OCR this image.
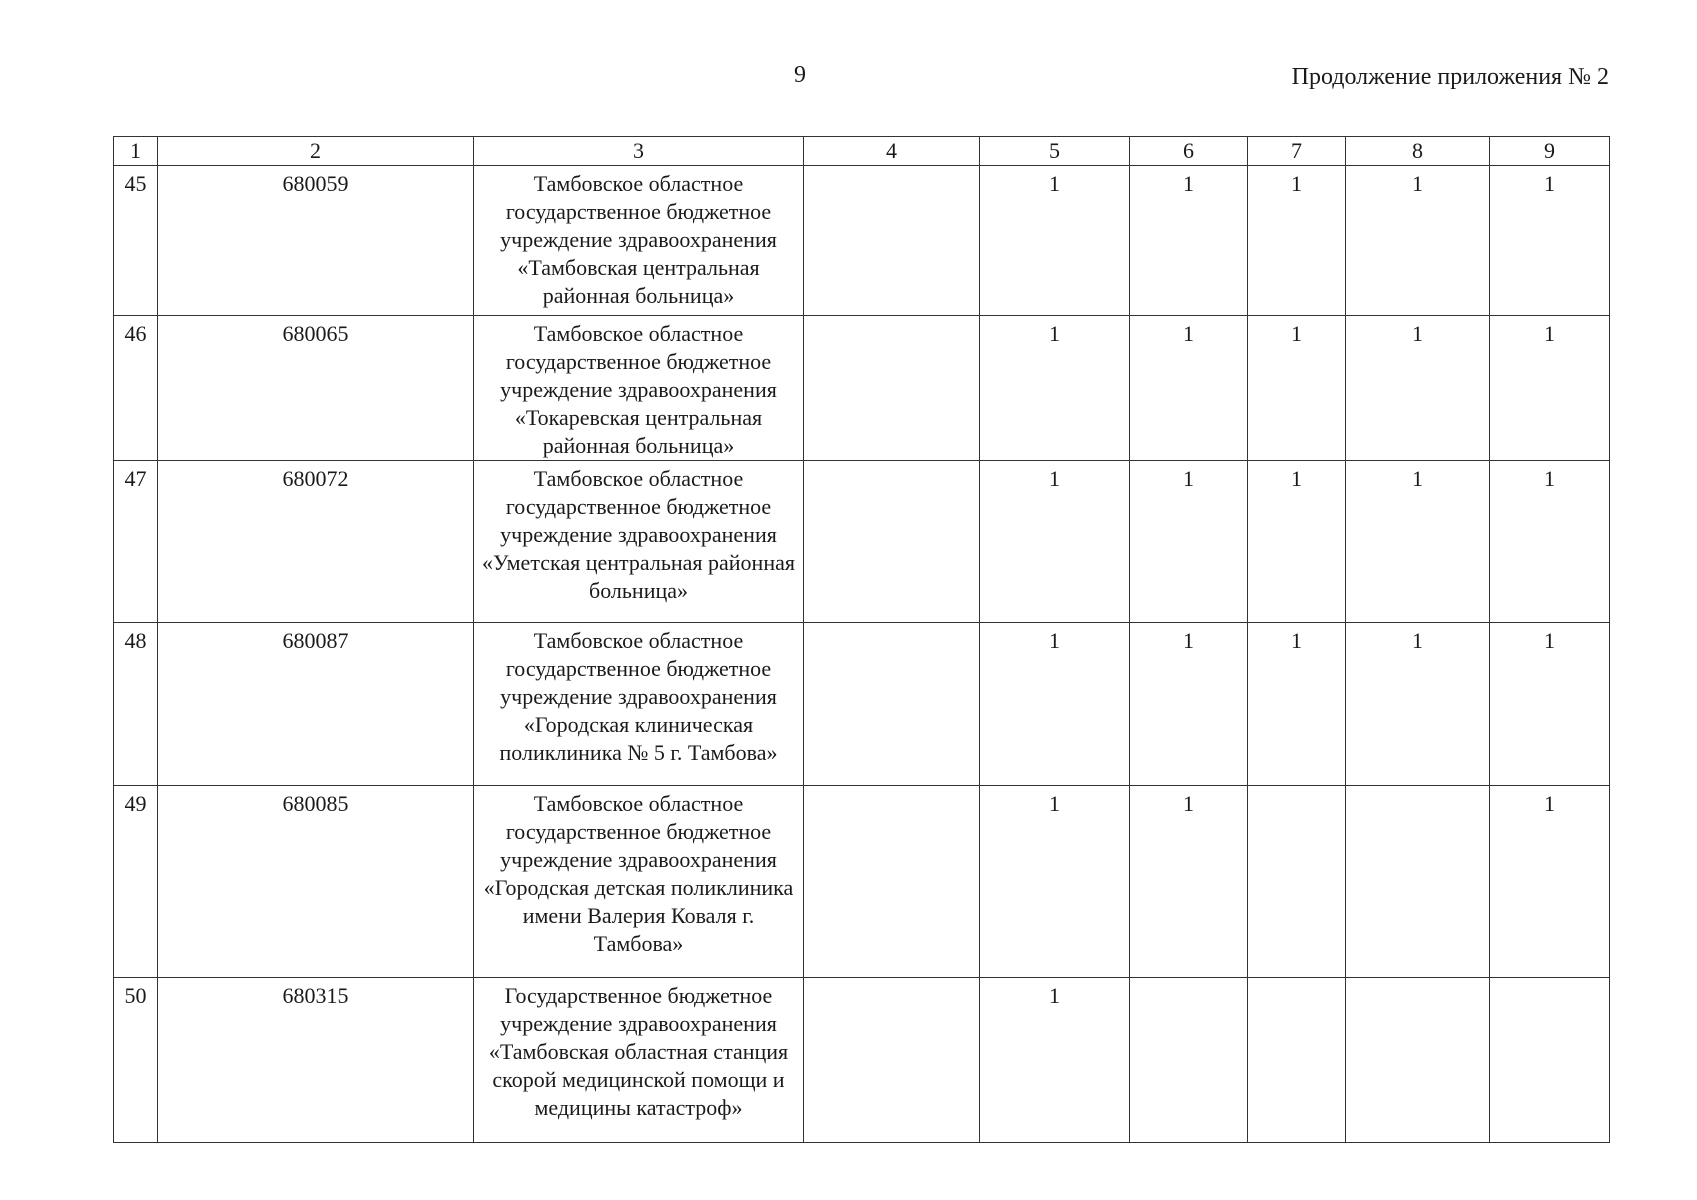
9	Продолжение приложения № 2
1	2	3	4	5	6	7	8	9
45	680059	Тамбовское областное государственное бюджетное учреждение здравоохранения «Тамбовская центральная районная больница»		1	1	1	1	1
46	680065	Тамбовское областное государственное бюджетное учреждение здравоохранения «Токаревская центральная районная больница»		1	1	1	1	1
47	680072	Тамбовское областное государственное бюджетное учреждение здравоохранения «Уметская центральная районная больница»		1	1	1	1	1
48	680087	Тамбовское областное государственное бюджетное учреждение здравоохранения «Городская клиническая поликлиника № 5 г. Тамбова»		1	1	1	1	1
49	680085	Тамбовское областное государственное бюджетное учреждение здравоохранения «Городская детская поликлиника имени Валерия Коваля г. Тамбова»		1	1			1
50	680315	Государственное бюджетное учреждение здравоохранения «Тамбовская областная станция скорой медицинской помощи и медицины катастроф»		1				
